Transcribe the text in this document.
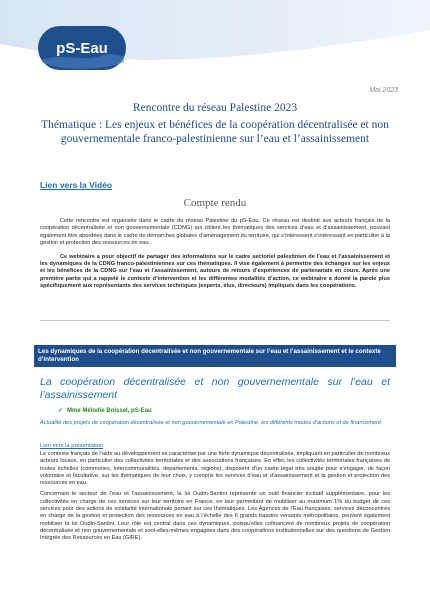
pS-Eau
Mai 2023
Rencontre du réseau Palestine 2023
Thématique : Les enjeux et bénéfices de la coopération décentralisée et non gouvernementale franco-palestinienne sur l’eau et l’assainissement
Lien vers la Vidéo
Compte rendu

Cette rencontre est organisée dans le cadre du réseau Palestine du pS-Eau. Ce réseau est destiné aux acteurs français de la coopération décentralisée et non gouvernementale (CDNG) qui ciblent les thématiques des services d’eau et d’assainissement, pouvant également être abordées dans le cadre de démarches globales d’aménagement du territoire, qui s’intéressent s’intéressant en particulier à la gestion et protection des ressources en eau.

Ce webinaire a pour objectif de partager des informations sur le cadre sectoriel palestinien de l’eau et l’assainissement et les dynamiques de la CDNG franco-palestiniennes sur ces thématiques. Il vise également à permettre des échanges sur les enjeux et les bénéfices de la CDNG sur l’eau et l’assainissement, autours de retours d’expériences de partenariats en cours. Après une première partie qui a rappelé le contexte d’intervention et les différentes modalités d’action, ce webinaire a donné la parole plus spécifiquement aux représentants des services techniques (experts, élus, directeurs) impliqués dans les coopérations.

Les dynamiques de la coopération décentralisée et non gouvernementale sur l’eau et l’assainissement et le contexte d’intervention
La coopération décentralisée et non gouvernementale sur l’eau et l’assainissement
✓ Mme Mélodie Boissel, pS-Eau
Actualité des projets de coopération décentralisée et non gouvernementale en Palestine, les différents modes d’actions et de financement.
Lien vers la présentation

Le contexte français de l’aide au développement se caractérise par une forte dynamique décentralisée, impliquant en particulier de nombreux acteurs locaux, en particulier des collectivités territoriales et des associations françaises. En effet, les collectivités territoriales françaises de toutes échelles (communes, intercommunalités, départements, régions), disposent d’un cadre légal très souple pour s’engager, de façon volontaire et facultative, sur les thématiques de leur choix, y compris les services d’eau et d’assainissement et la gestion et protection des ressources en eau.

Concernant le secteur de l’eau et l’assainissement, la loi Oudin-Santini représente un outil financier incitatif supplémentaire, pour les collectivités en charge de ces services sur leur territoire en France, en leur permettant de mobiliser au maximum 1% du budget de ces services pour des actions de solidarité internationale portant sur ces thématiques. Les Agences de l’Eau françaises, services déconcentrés en charge de la gestion et protection des ressources en eau à l’échelle des 6 grands bassins versants métropolitains, peuvent également mobiliser la loi Oudin-Santini. Leur rôle est central dans ces dynamiques, puisqu’elles cofinancent de nombreux projets de coopération décentralisée et non gouvernementale et sont-elles-mêmes engagées dans des coopérations institutionnelles sur des questions de Gestion Intégrée des Ressources en Eau (GIRE).
